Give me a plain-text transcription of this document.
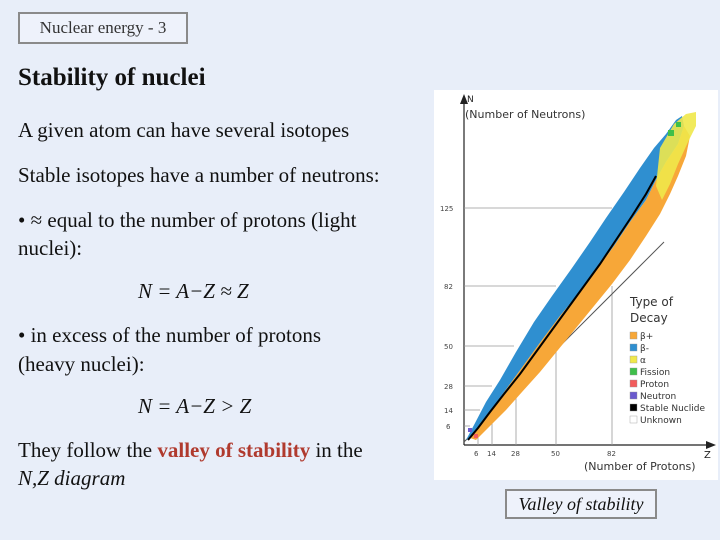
Nuclear energy - 3
Stability of nuclei
A given atom can have several isotopes
Stable isotopes have a number of neutrons:
• ≈ equal to the number of protons (light
nuclei):
N = A−Z ≈ Z
• in excess of the number of protons
(heavy nuclei):
N = A−Z > Z
They follow the valley of stability in the
N,Z diagram
N
(Number of Neutrons)
Z
(Number of Protons)
125
82
50
28
14
6
6 14 28	50	82
Type of
Decay
β+
β-
α
Fission
Proton
Neutron
Stable Nuclide
Unknown
Valley of stability
